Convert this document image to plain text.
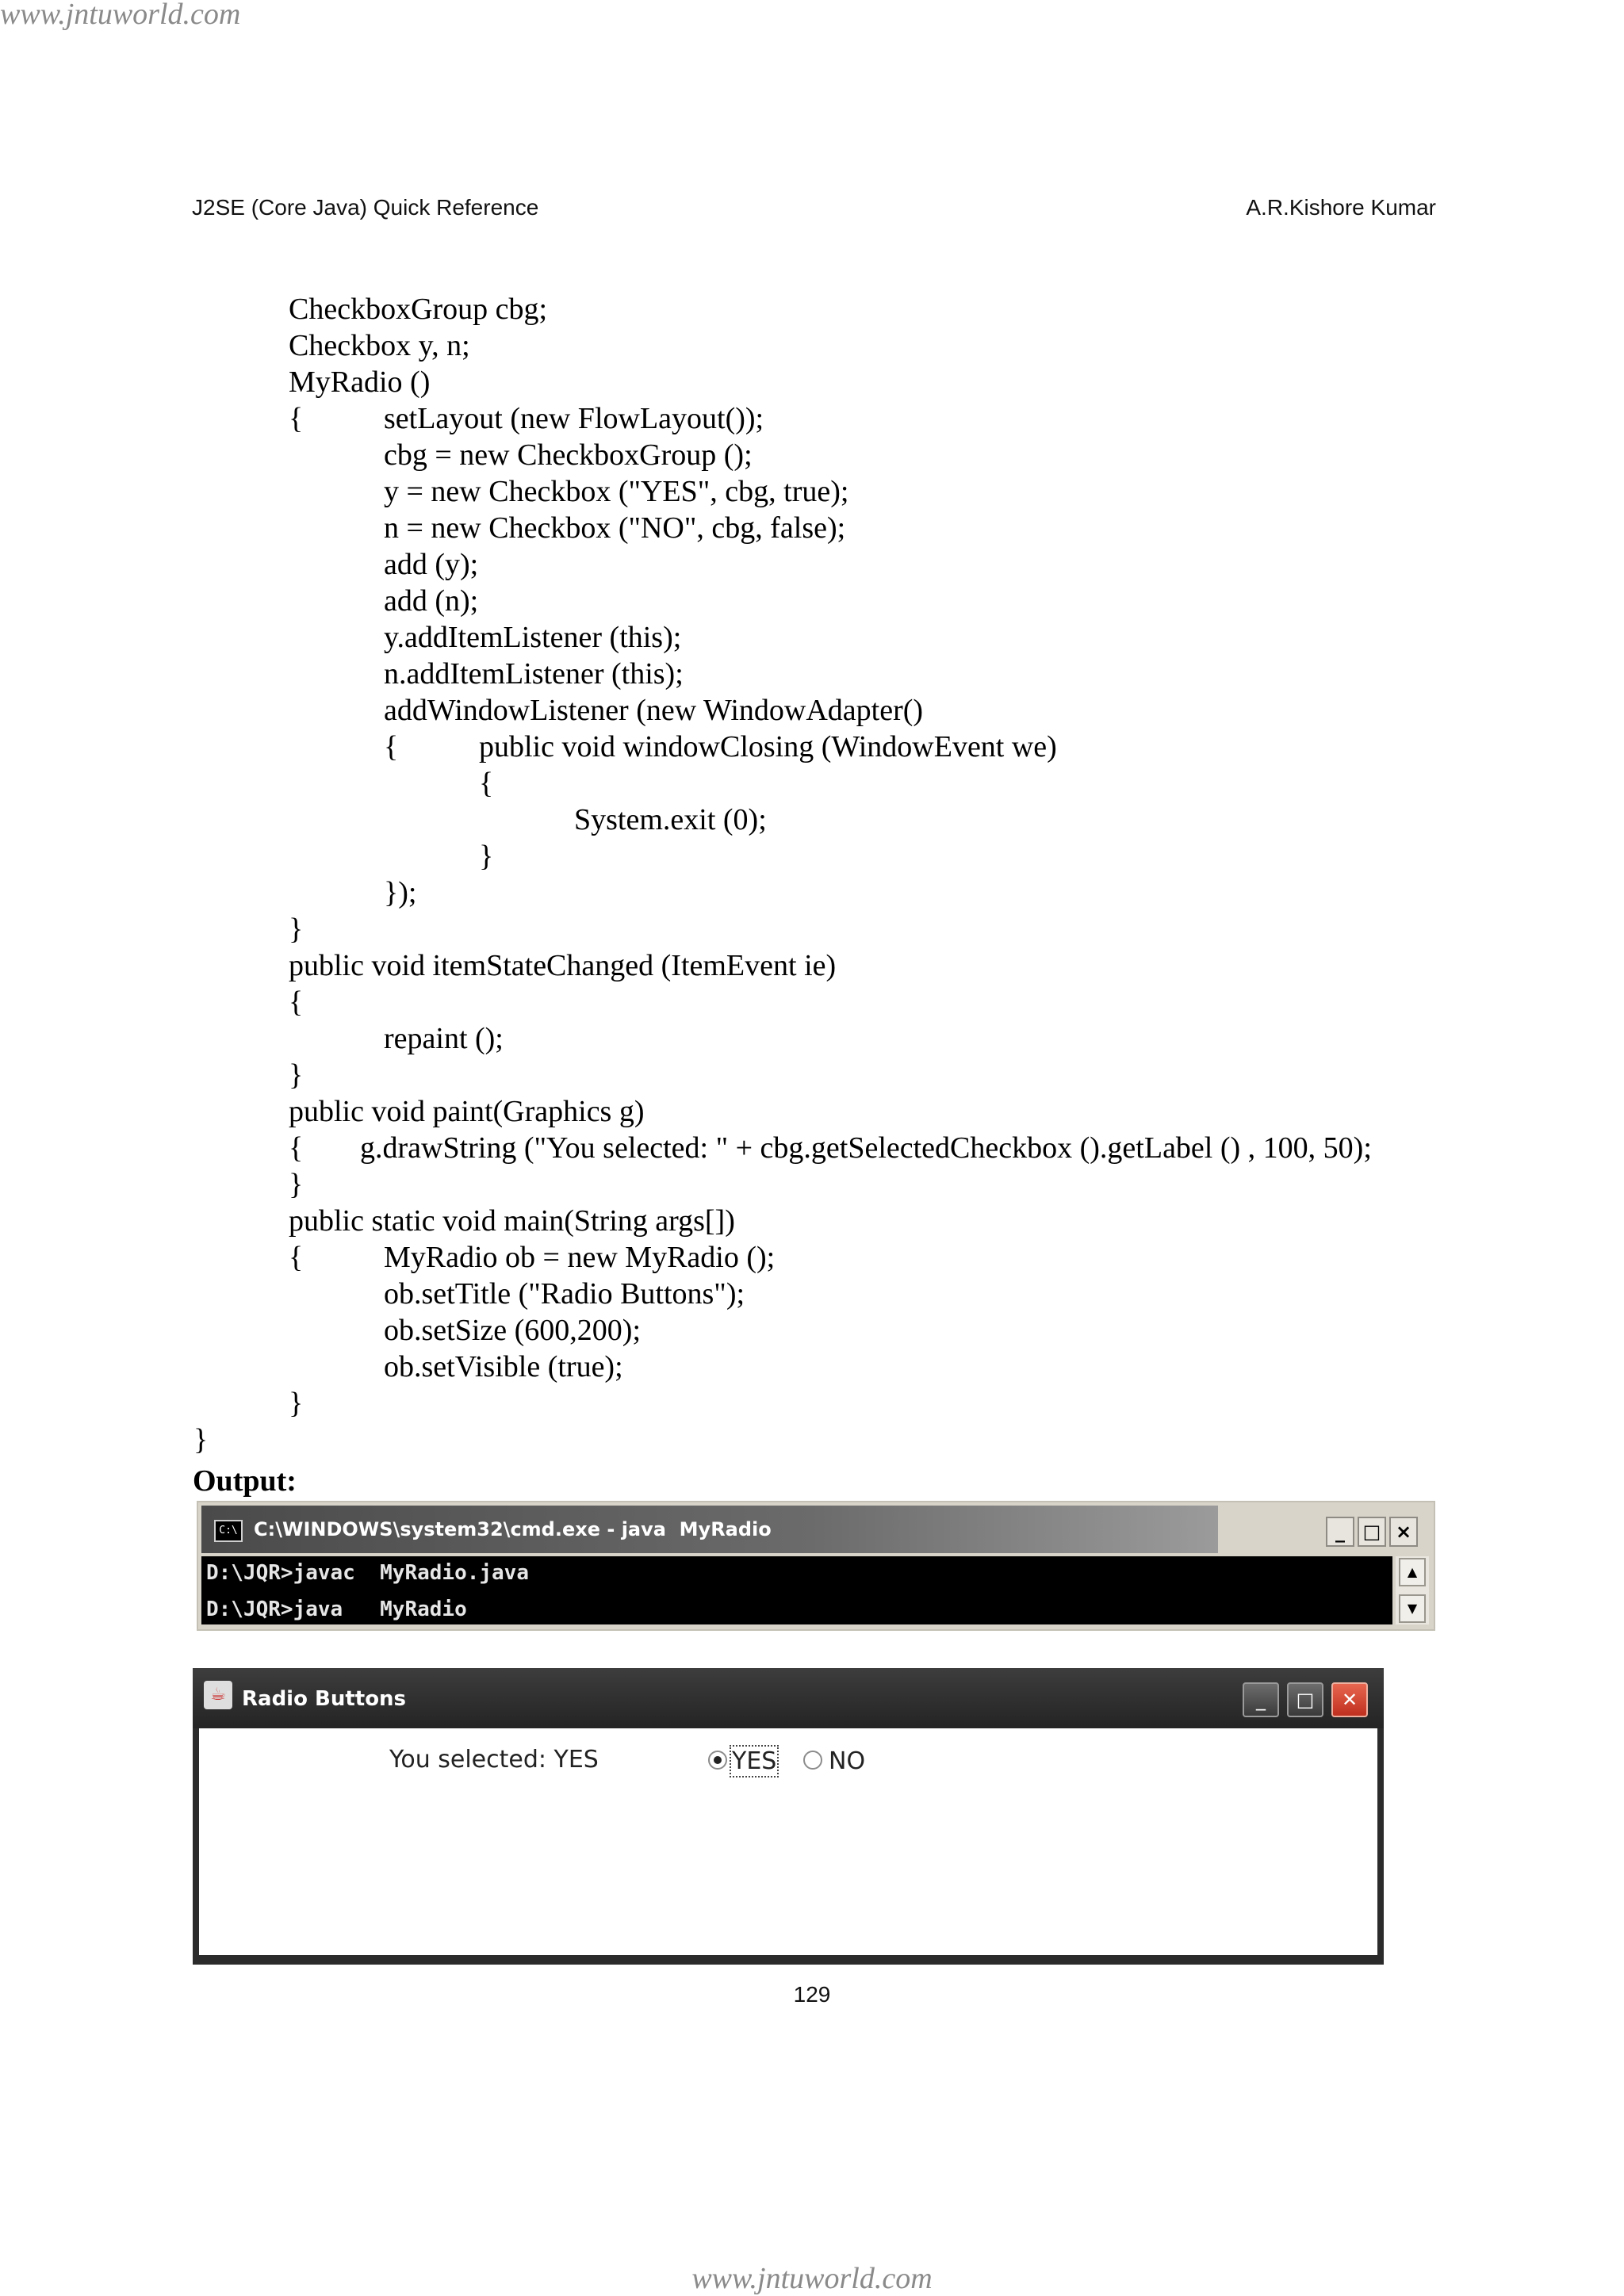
www.jntuworld.com
J2SE (Core Java) Quick Reference	A.R.Kishore Kumar
CheckboxGroup cbg;
Checkbox y, n;
MyRadio ()
{	setLayout (new FlowLayout());
cbg = new CheckboxGroup ();
y = new Checkbox ("YES", cbg, true);
n = new Checkbox ("NO", cbg, false);
add (y);
add (n);
y.addItemListener (this);
n.addItemListener (this);
addWindowListener (new WindowAdapter()
{	public void windowClosing (WindowEvent we)
{
System.exit (0);
}
});
}
public void itemStateChanged (ItemEvent ie)
{
repaint ();
}
public void paint(Graphics g)
{ g.drawString ("You selected: " + cbg.getSelectedCheckbox ().getLabel () , 100, 50);
}
public static void main(String args[])
{	MyRadio ob = new MyRadio ();
ob.setTitle ("Radio Buttons");
ob.setSize (600,200);
ob.setVisible (true);
}
}
Output:
C:\ C:\WINDOWS\system32\cmd.exe - java  MyRadio	_ □ ×
D:\JQR>javac  MyRadio.java
D:\JQR>java   MyRadio
▲
▼
☕ Radio Buttons	_	□	✕
You selected: YES	YES NO
129
www.jntuworld.com
